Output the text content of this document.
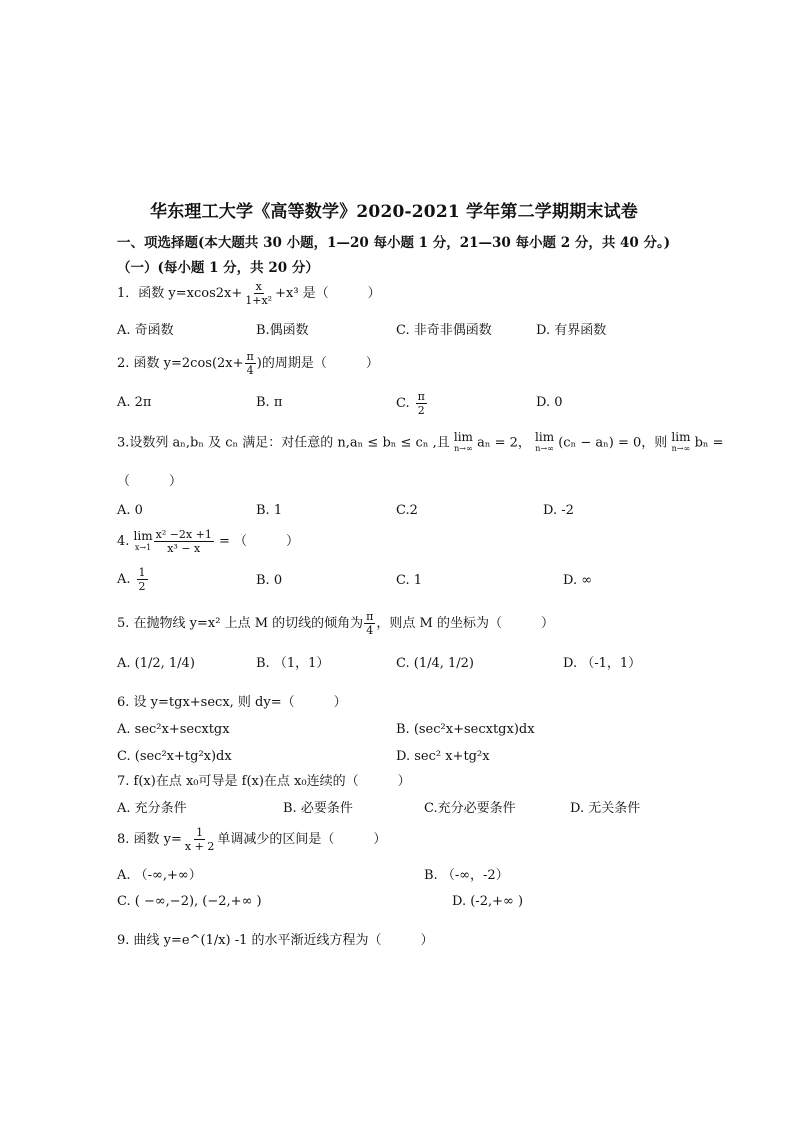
华东理工大学《高等数学》2020-2021 学年第二学期期末试卷
一、项选择题(本大题共 30 小题，1—20 每小题 1 分，21—30 每小题 2 分，共 40 分。)
（一）(每小题 1 分，共 20 分）
1．函数 $y=xcos2x+ \frac{x}{\text{1+x²}} +x^3$ 是（　　　）
A. 奇函数	B.偶函数	C. 非奇非偶函数	D. 有界函数
2. 函数 $y=2\cos(2x+ \frac{\pi}{4}$ )的周期是（　　　）
A. 2π	B. π	C. $\frac{\pi}{2}$	D. 0
3.设数列 aₙ,bₙ 及 cₙ 满足：对任意的 n,aₙ ≤ bₙ ≤ cₙ ,且 lim
n→∞ aₙ = 2， lim
n→∞ (cₙ − aₙ) = 0，则 lim
n→∞ bₙ =
（　　　）
A. 0	B. 1	C.2	D. -2
4. lim
$x\to 1 \frac{\text{x² −2x +1}}{\text{x³ − x}}$ = （　　　）
A. $\frac{1}{2}$	B. 0	C. 1	D. ∞
5. 在抛物线 y=x² 上点 M 的切线的倾角为 $\frac{\pi}{4}$ ，则点 M 的坐标为（　　　）
A. (1/2, 1/4)	B. （1，1）	C. (1/4, 1/2)	D. （-1，1）
6. 设 y=tgx+secx, 则 dy=（　　　）
A. sec²x+secxtgx	B. (sec²x+secxtgx)dx
C. (sec²x+tg²x)dx	D. sec² x+tg²x
7. f(x)在点 x₀可导是 f(x)在点 x₀连续的（　　　）
A. 充分条件	B. 必要条件	C.充分必要条件	D. 无关条件
8. 函数 $y= \frac{1}{x + 2}$ 单调减少的区间是（　　　）
A. （-∞,+∞）	B. （-∞，-2）
C. ( −∞,−2), (−2,+∞ )	D. (-2,+∞ )
9. 曲线 y=e^(1/x) -1 的水平渐近线方程为（　　　）
